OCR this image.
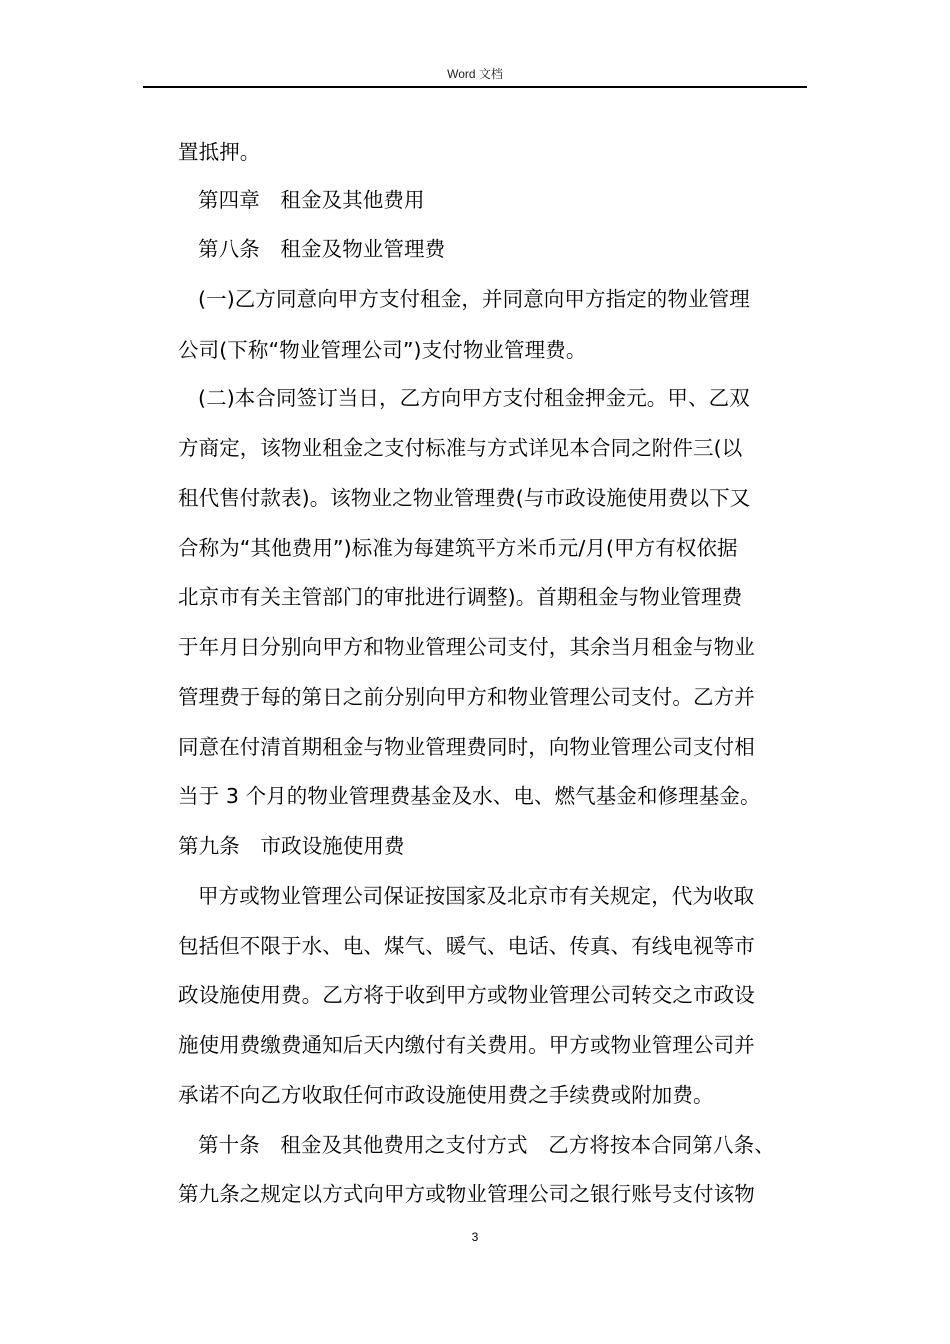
Word 文档
置抵押。
第四章　租金及其他费用
第八条　租金及物业管理费
(一)乙方同意向甲方支付租金，并同意向甲方指定的物业管理
公司(下称“物业管理公司”)支付物业管理费。
(二)本合同签订当日，乙方向甲方支付租金押金元。甲、乙双
方商定，该物业租金之支付标准与方式详见本合同之附件三(以
租代售付款表)。该物业之物业管理费(与市政设施使用费以下又
合称为“其他费用”)标准为每建筑平方米币元/月(甲方有权依据
北京市有关主管部门的审批进行调整)。首期租金与物业管理费
于年月日分别向甲方和物业管理公司支付，其余当月租金与物业
管理费于每的第日之前分别向甲方和物业管理公司支付。乙方并
同意在付清首期租金与物业管理费同时，向物业管理公司支付相
当于 3 个月的物业管理费基金及水、电、燃气基金和修理基金。
第九条　市政设施使用费
甲方或物业管理公司保证按国家及北京市有关规定，代为收取
包括但不限于水、电、煤气、暖气、电话、传真、有线电视等市
政设施使用费。乙方将于收到甲方或物业管理公司转交之市政设
施使用费缴费通知后天内缴付有关费用。甲方或物业管理公司并
承诺不向乙方收取任何市政设施使用费之手续费或附加费。
第十条　租金及其他费用之支付方式　乙方将按本合同第八条、
第九条之规定以方式向甲方或物业管理公司之银行账号支付该物
3
